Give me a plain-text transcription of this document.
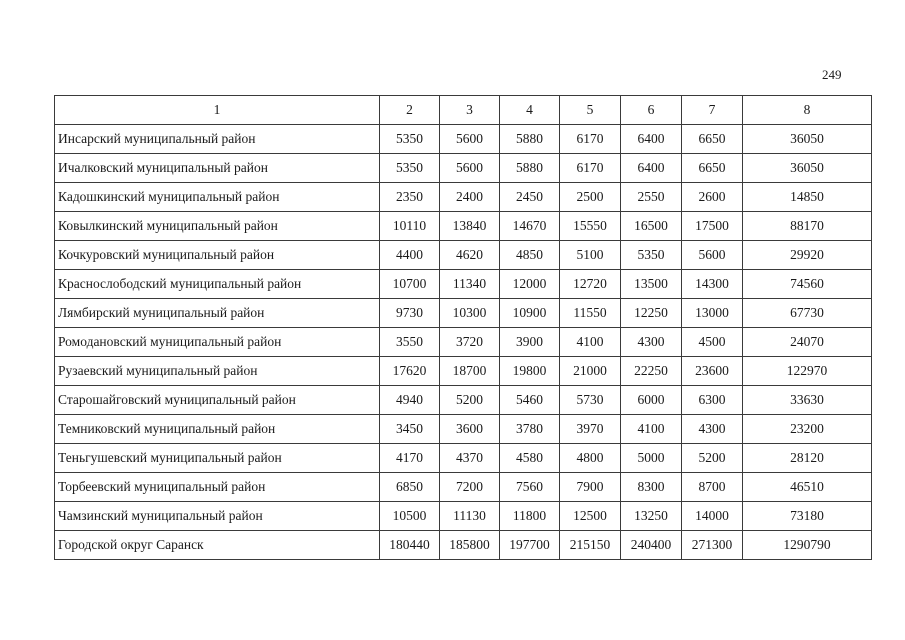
249
1	2	3	4	5	6	7	8
Инсарский муниципальный район	5350	5600	5880	6170	6400	6650	36050
Ичалковский муниципальный район	5350	5600	5880	6170	6400	6650	36050
Кадошкинский муниципальный район	2350	2400	2450	2500	2550	2600	14850
Ковылкинский муниципальный район	10110	13840	14670	15550	16500	17500	88170
Кочкуровский муниципальный район	4400	4620	4850	5100	5350	5600	29920
Краснослободский муниципальный район	10700	11340	12000	12720	13500	14300	74560
Лямбирский муниципальный район	9730	10300	10900	11550	12250	13000	67730
Ромодановский муниципальный район	3550	3720	3900	4100	4300	4500	24070
Рузаевский муниципальный район	17620	18700	19800	21000	22250	23600	122970
Старошайговский муниципальный район	4940	5200	5460	5730	6000	6300	33630
Темниковский муниципальный район	3450	3600	3780	3970	4100	4300	23200
Теньгушевский муниципальный район	4170	4370	4580	4800	5000	5200	28120
Торбеевский муниципальный район	6850	7200	7560	7900	8300	8700	46510
Чамзинский муниципальный район	10500	11130	11800	12500	13250	14000	73180
Городской округ Саранск	180440	185800	197700	215150	240400	271300	1290790
